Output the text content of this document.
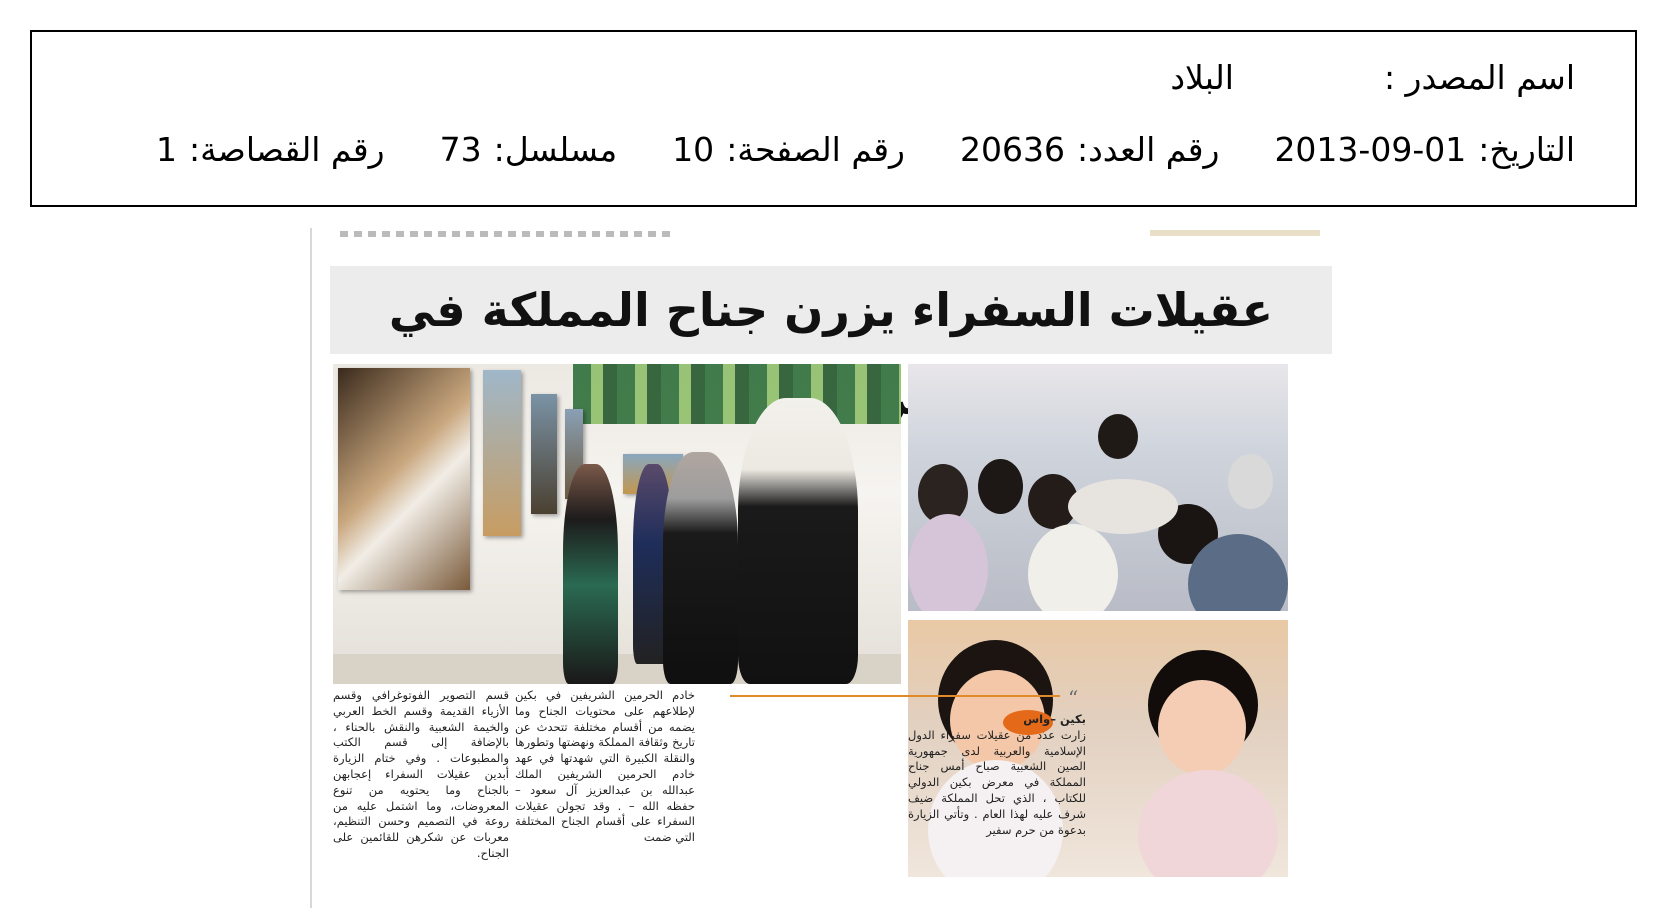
اسم المصدر :
البلاد
التاريخ:
2013-09-01
رقم العدد:
20636
رقم الصفحة:
10
مسلسل:
73
رقم القصاصة:
1
عقيلات السفراء يزرن جناح المملكة في
“
بكين –واس
زارت عدد من عقيلات سفراء الدول الإسلامية والعربية لدى جمهورية الصين الشعبية صباح أمس جناح المملكة في معرض بكين الدولي للكتاب ، الذي تحل المملكة ضيف شرف عليه لهذا العام . وتأتي الزيارة بدعوة من حرم سفير
خادم الحرمين الشريفين في بكين لإطلاعهم على محتويات الجناح وما يضمه من أقسام مختلفة تتحدث عن تاريخ وثقافة المملكة ونهضتها وتطورها والنقلة الكبيرة التي شهدتها في عهد خادم الحرمين الشريفين الملك عبدالله بن عبدالعزيز آل سعود – حفظه الله – . وقد تجولن عقيلات السفراء على أقسام الجناح المختلفة التي ضمت
قسم التصوير الفوتوغرافي وقسم الأزياء القديمة وقسم الخط العربي والخيمة الشعبية والنقش بالحناء ، بالإضافة إلى قسم الكتب والمطبوعات . وفي ختام الزيارة أبدين عقيلات السفراء إعجابهن بالجناح وما يحتويه من تنوع المعروضات، وما اشتمل عليه من روعة في التصميم وحسن التنظيم، معربات عن شكرهن للقائمين على الجناح.
